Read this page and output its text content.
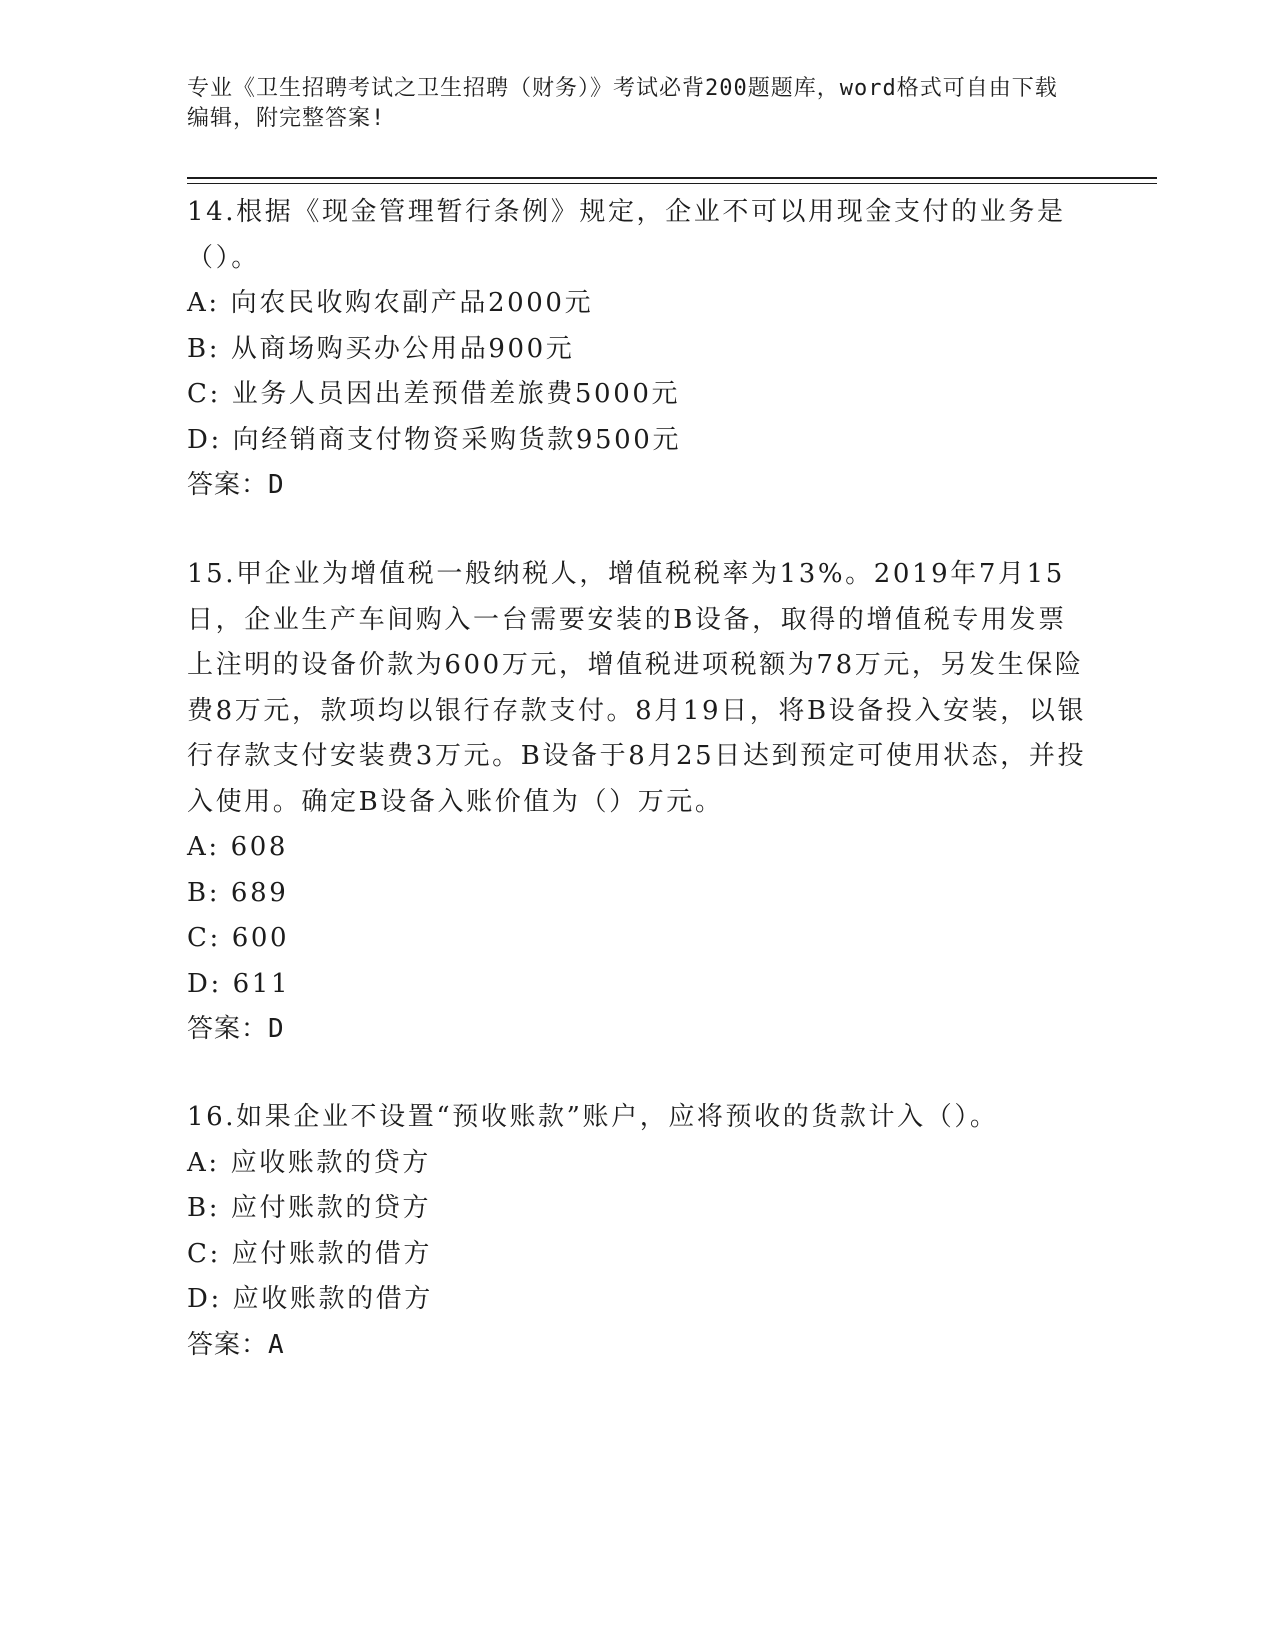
专业《卫生招聘考试之卫生招聘（财务）》考试必背200题题库，word格式可自由下载编辑，附完整答案!

14.根据《现金管理暂行条例》规定，企业不可以用现金支付的业务是（）。

A: 向农民收购农副产品2000元

B: 从商场购买办公用品900元

C: 业务人员因出差预借差旅费5000元

D: 向经销商支付物资采购货款9500元

答案：D

15.甲企业为增值税一般纳税人，增值税税率为13%。2019年7月15日，企业生产车间购入一台需要安装的B设备，取得的增值税专用发票上注明的设备价款为600万元，增值税进项税额为78万元，另发生保险费8万元，款项均以银行存款支付。8月19日，将B设备投入安装，以银行存款支付安装费3万元。B设备于8月25日达到预定可使用状态，并投入使用。确定B设备入账价值为（）万元。

A: 608

B: 689

C: 600

D: 611

答案：D

16.如果企业不设置“预收账款”账户，应将预收的货款计入（）。

A: 应收账款的贷方

B: 应付账款的贷方

C: 应付账款的借方

D: 应收账款的借方

答案：A
